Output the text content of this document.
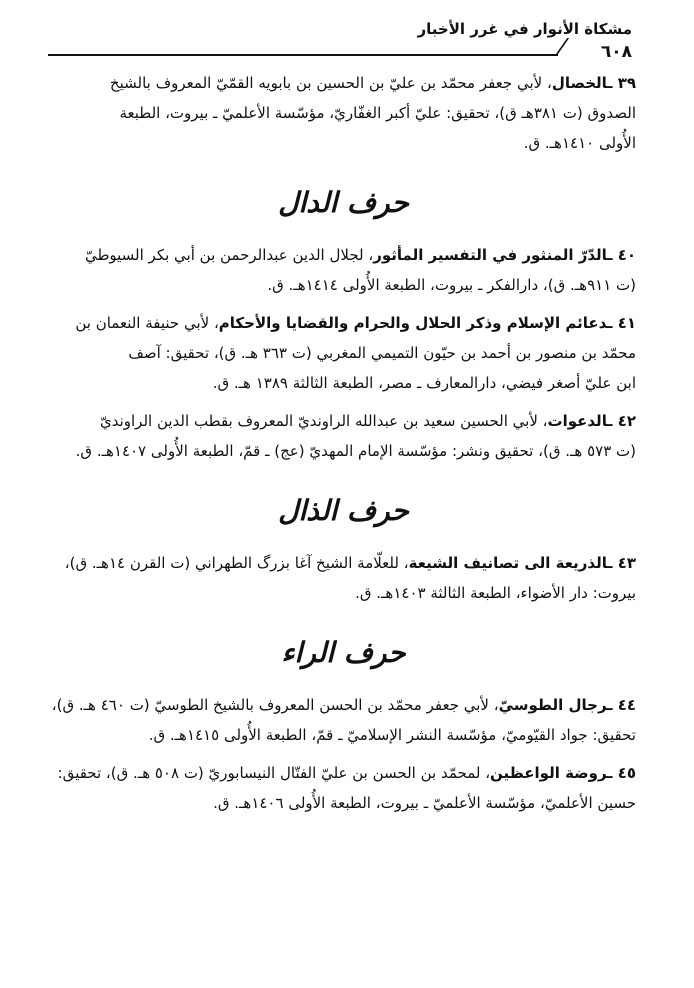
مشكاة الأنوار في غرر الأخبار
٦٠٨

٣٩ ـالخصال، لأبي جعفر محمّد بن عليّ بن الحسين بن بابويه القمّيّ المعروف بالشيخ

الصدوق (ت ٣٨١هـ ق)، تحقيق: عليّ أكبر الغفّاريّ، مؤسّسة الأعلميّ ـ بيروت، الطبعة

الأُولى ١٤١٠هـ. ق.

حرف الدال

٤٠ ـالدّرّ المنثور في التفسير المأثور، لجلال الدين عبدالرحمن بن أبي بكر السيوطيّ

(ت ٩١١هـ. ق)، دارالفكر ـ بيروت، الطبعة الأُولى ١٤١٤هـ. ق.

٤١ ـدعائم الإسلام وذكر الحلال والحرام والقضايا والأحكام، لأبي حنيفة النعمان بن

محمّد بن منصور بن أحمد بن حيّون التميمي المغربي (ت ٣٦٣ هـ. ق)، تحقيق: آصف

ابن عليّ أصغر فيضي، دارالمعارف ـ مصر، الطبعة الثالثة ١٣٨٩ هـ. ق.

٤٢ ـالدعوات، لأبي الحسين سعيد بن عبدالله الراونديّ المعروف بقطب الدين الراونديّ

(ت ٥٧٣ هـ. ق)، تحقيق ونشر: مؤسّسة الإمام المهديّ (عج) ـ قمّ، الطبعة الأُولى ١٤٠٧هـ. ق.

حرف الذال

٤٣ ـالذريعة الى تصانيف الشيعة، للعلّامة الشيخ آغا بزرگ الطهراني (ت القرن ١٤هـ. ق)،

بيروت: دار الأضواء، الطبعة الثالثة ١٤٠٣هـ. ق.

حرف الراء

٤٤ ـرجال الطوسيّ، لأبي جعفر محمّد بن الحسن المعروف بالشيخ الطوسيّ (ت ٤٦٠ هـ. ق)،

تحقيق: جواد القيّوميّ، مؤسّسة النشر الإسلاميّ ـ قمّ، الطبعة الأُولى ١٤١٥هـ. ق.

٤٥ ـروضة الواعظين، لمحمّد بن الحسن بن عليّ الفتّال النيسابوريّ (ت ٥٠٨ هـ. ق)، تحقيق:

حسين الأعلميّ، مؤسّسة الأعلميّ ـ بيروت، الطبعة الأُولى ١٤٠٦هـ. ق.
